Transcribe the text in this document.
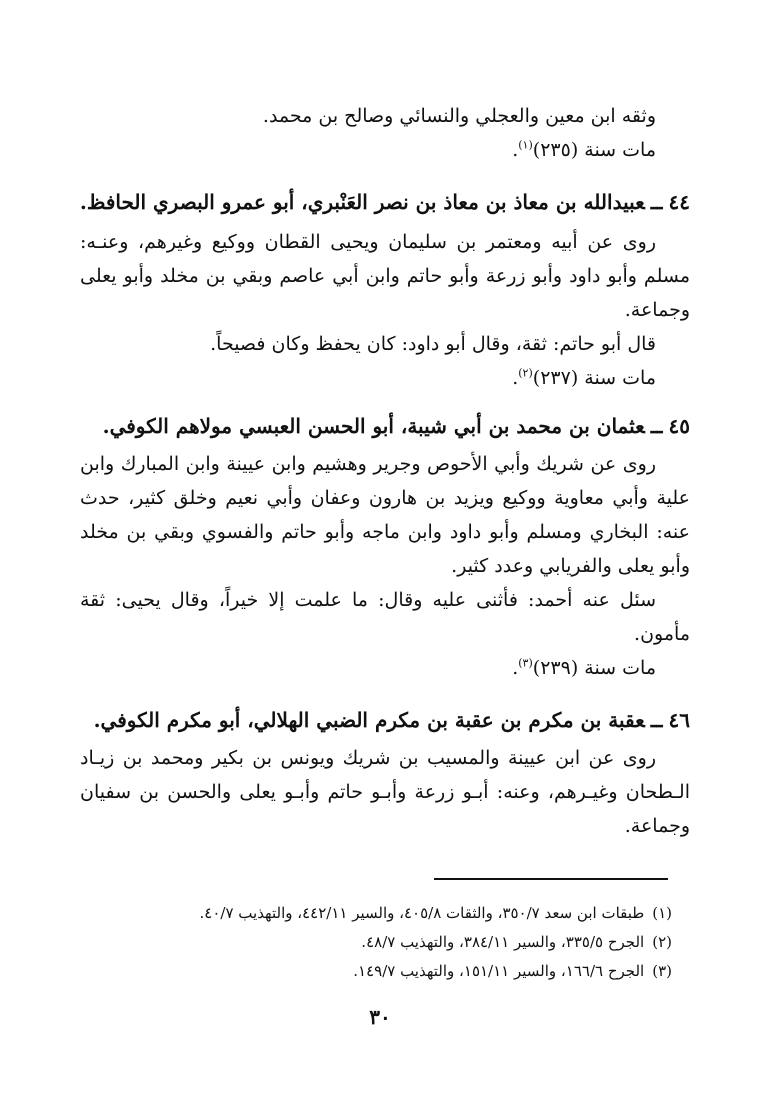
وثقه ابن معين والعجلي والنسائي وصالح بن محمد.
مات سنة (٢٣٥)$^{(١)}$.
٤٤ــعبيدالله بن معاذ بن معاذ بن نصر العَنْبري، أبو عمرو البصري الحافظ.
روى عن أبيه ومعتمر بن سليمان ويحيى القطان ووكيع وغيرهم، وعنـه:
مسلم وأبو داود وأبو زرعة وأبو حاتم وابن أبي عاصم وبقي بن مخلد وأبو يعلى
وجماعة.
قال أبو حاتم: ثقة، وقال أبو داود: كان يحفظ وكان فصيحاً.
مات سنة (٢٣٧)$^{(٢)}$.
٤٥ــعثمان بن محمد بن أبي شيبة، أبو الحسن العبسي مولاهم الكوفي.
روى عن شريك وأبي الأحوص وجرير وهشيم وابن عيينة وابن المبارك وابن
علية وأبي معاوية ووكيع ويزيد بن هارون وعفان وأبي نعيم وخلق كثير، حدث
عنه: البخاري ومسلم وأبو داود وابن ماجه وأبو حاتم والفسوي وبقي بن مخلد
وأبو يعلى والفريابي وعدد كثير.
سئل عنه أحمد: فأثنى عليه وقال: ما علمت إلا خيراً، وقال يحيى: ثقة
مأمون.
مات سنة (٢٣٩)$^{(٣)}$.
٤٦ــعقبة بن مكرم بن عقبة بن مكرم الضبي الهلالي، أبو مكرم الكوفي.
روى عن ابن عيينة والمسيب بن شريك ويونس بن بكير ومحمد بن زيـاد
الـطحان وغيـرهم، وعنه: أبـو زرعة وأبـو حاتم وأبـو يعلى والحسن بن سفيان
وجماعة.
(١)طبقات ابن سعد ٣٥٠/٧، والثقات ٤٠٥/٨، والسير ٤٤٢/١١، والتهذيب ٤٠/٧.
(٢)الجرح ٣٣٥/٥، والسير ٣٨٤/١١، والتهذيب ٤٨/٧.
(٣)الجرح ١٦٦/٦، والسير ١٥١/١١، والتهذيب ١٤٩/٧.
٣٠
